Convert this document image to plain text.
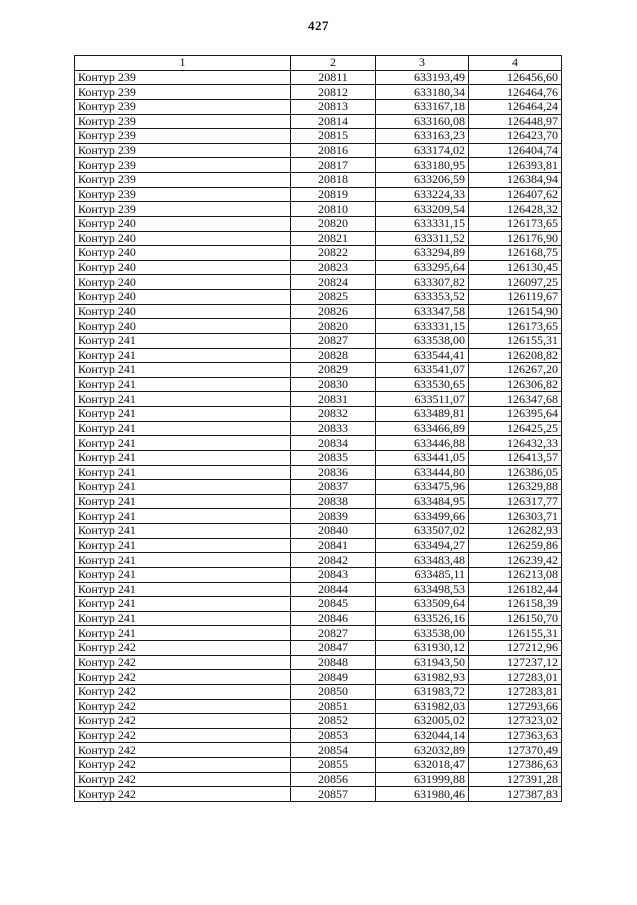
427
1	2	3	4
Контур 239	20811	633193,49	126456,60
Контур 239	20812	633180,34	126464,76
Контур 239	20813	633167,18	126464,24
Контур 239	20814	633160,08	126448,97
Контур 239	20815	633163,23	126423,70
Контур 239	20816	633174,02	126404,74
Контур 239	20817	633180,95	126393,81
Контур 239	20818	633206,59	126384,94
Контур 239	20819	633224,33	126407,62
Контур 239	20810	633209,54	126428,32
Контур 240	20820	633331,15	126173,65
Контур 240	20821	633311,52	126176,90
Контур 240	20822	633294,89	126168,75
Контур 240	20823	633295,64	126130,45
Контур 240	20824	633307,82	126097,25
Контур 240	20825	633353,52	126119,67
Контур 240	20826	633347,58	126154,90
Контур 240	20820	633331,15	126173,65
Контур 241	20827	633538,00	126155,31
Контур 241	20828	633544,41	126208,82
Контур 241	20829	633541,07	126267,20
Контур 241	20830	633530,65	126306,82
Контур 241	20831	633511,07	126347,68
Контур 241	20832	633489,81	126395,64
Контур 241	20833	633466,89	126425,25
Контур 241	20834	633446,88	126432,33
Контур 241	20835	633441,05	126413,57
Контур 241	20836	633444,80	126386,05
Контур 241	20837	633475,96	126329,88
Контур 241	20838	633484,95	126317,77
Контур 241	20839	633499,66	126303,71
Контур 241	20840	633507,02	126282,93
Контур 241	20841	633494,27	126259,86
Контур 241	20842	633483,48	126239,42
Контур 241	20843	633485,11	126213,08
Контур 241	20844	633498,53	126182,44
Контур 241	20845	633509,64	126158,39
Контур 241	20846	633526,16	126150,70
Контур 241	20827	633538,00	126155,31
Контур 242	20847	631930,12	127212,96
Контур 242	20848	631943,50	127237,12
Контур 242	20849	631982,93	127283,01
Контур 242	20850	631983,72	127283,81
Контур 242	20851	631982,03	127293,66
Контур 242	20852	632005,02	127323,02
Контур 242	20853	632044,14	127363,63
Контур 242	20854	632032,89	127370,49
Контур 242	20855	632018,47	127386,63
Контур 242	20856	631999,88	127391,28
Контур 242	20857	631980,46	127387,83
